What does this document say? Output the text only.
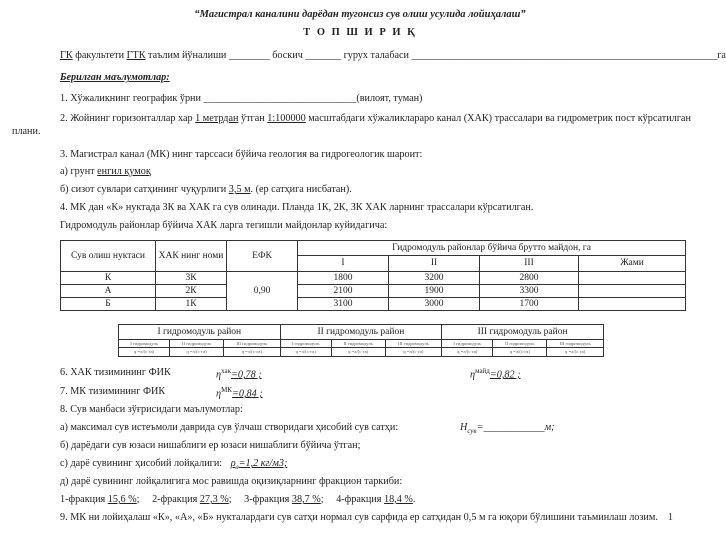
“Магистрал каналини дарёдан тугонсиз сув олиш усулида лойиҳалаш”
Т О П Ш И Р И Қ
ГК факультети ГТК таълим йўналиши ________ боскич _______ гурух талабаси ____________________________________________________________га
Берилган маълумотлар:
1. Хўжаликнинг географик ўрни ______________________________(вилоят, туман)
2. Жойнинг горизонталлар хар 1 метрдан ўтган 1:100000 масштабдаги хўжаликлараро канал (ХАК) трассалари ва гидрометрик пост кўрсатилган
плани.
3. Магистрал канал (МК) нинг тарссаси бўйича геология ва гидрогеологик шароит:
а) грунт енгил қумоқ
б) сизот сувлари сатҳининг чуқурлиги 3,5 м. (ер сатҳига нисбатан).
4. МК дан «К» нуктада ЗК ва ХАК га сув олинади. Планда 1К, 2К, ЗК ХАК ларнинг трассалари кўрсатилган.
Гидромодуль районлар бўйича ХАК ларга тегишли майдонлар куйидагича:
Сув олиш нуктаси	ХАК нинг номи	ЕФК	Гидромодуль районлар бўйича брутто майдон, га			
			I	II	III	Жами
К	3К	0,90	1800	3200	2800	
А	2К		2100	1900	3300	
Б	1К		3100	3000	1700	
I гидромодуль район			II гидромодуль район			III гидромодуль район		
I гидромодуль	II гидромодуль	III гидромодуль	I гидромодуль	II гидромодуль	III гидромодуль	I гидромодуль	II гидромодуль	III гидромодуль
q =л/(с·га)	q =л/(с·га)	q =л/(с·га)	q =л/(с·га)	q =л/(с·га)	q =л/(с·га)	q =л/(с·га)	q =л/(с·га)	q =л/(с·га)
6. ХАК тизимининг ФИК	$\eta^{хак}=0,78$ ;	$\eta^{майд}=0,82$ ;
7. МК тизимининг ФИК	$\eta^{МК}=0,84$ ;
8. Сув манбаси зўғрисидаги маълумотлар:
а) максимал сув истеъмоли даврида сув ўлчаш створидаги ҳисобий сув сатҳи:	$Н_{сув}=\_\_\_\_\_\_\_\_\_\_\_\_м$;
б) дарёдаги сув юзаси нишаблиги ер юзаси нишаблиги бўйича ўтган;
с) дарё сувининг ҳисобий лойқалиги: $\rho_л=1,2$ кг/м3;
д) дарё сувининг лойқалигига мос равишда оқизиқларнинг фракцион таркиби:
1-фракция 15,6 %; 2-фракция 27,3 %; 3-фракция 38,7 %; 4-фракция 18,4 %.
9. МК ни лойиҳалаш «К», «А», «Б» нукталардаги сув сатҳи нормал сув сарфида ер сатҳидан 0,5 м га юқори бўлишини таъминлаш лозим. 1
